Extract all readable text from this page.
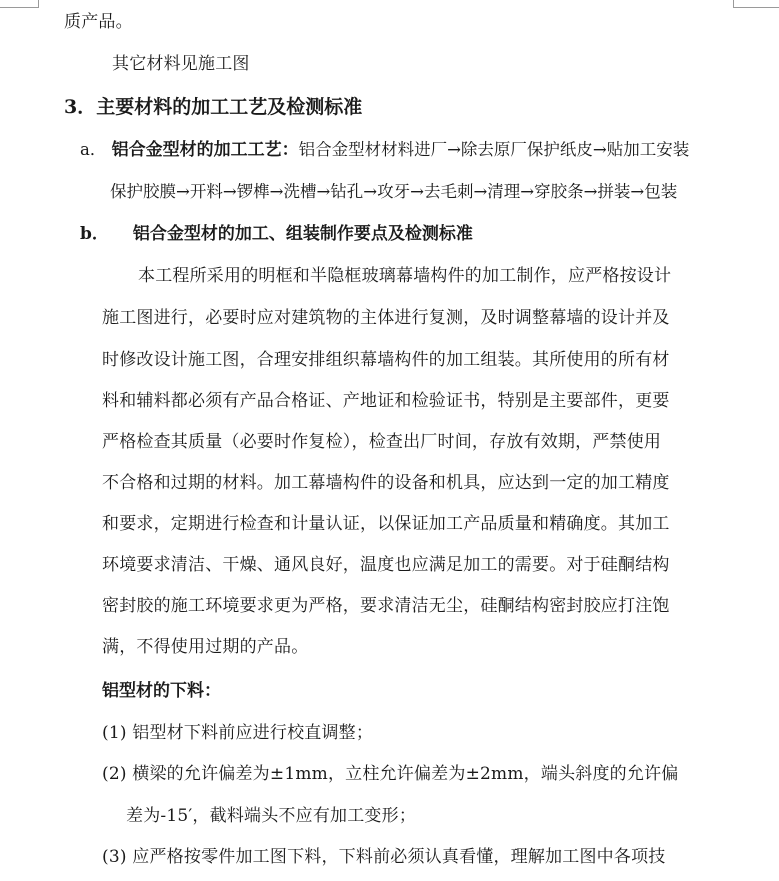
质产品。
其它材料见施工图
3．主要材料的加工工艺及检测标准
a． 铝合金型材的加工工艺：铝合金型材材料进厂→除去原厂保护纸皮→贴加工安装
保护胶膜→开料→锣榫→洗槽→钻孔→攻牙→去毛刺→清理→穿胶条→拼装→包装
b． 铝合金型材的加工、组装制作要点及检测标准
本工程所采用的明框和半隐框玻璃幕墙构件的加工制作，应严格按设计
施工图进行，必要时应对建筑物的主体进行复测，及时调整幕墙的设计并及
时修改设计施工图，合理安排组织幕墙构件的加工组装。其所使用的所有材
料和辅料都必须有产品合格证、产地证和检验证书，特别是主要部件，更要
严格检查其质量（必要时作复检），检查出厂时间，存放有效期，严禁使用
不合格和过期的材料。加工幕墙构件的设备和机具，应达到一定的加工精度
和要求，定期进行检查和计量认证，以保证加工产品质量和精确度。其加工
环境要求清洁、干燥、通风良好，温度也应满足加工的需要。对于硅酮结构
密封胶的施工环境要求更为严格，要求清洁无尘，硅酮结构密封胶应打注饱
满，不得使用过期的产品。
铝型材的下料：
(1) 铝型材下料前应进行校直调整；
(2) 横梁的允许偏差为±1mm，立柱允许偏差为±2mm，端头斜度的允许偏
差为-15′，截料端头不应有加工变形；
(3) 应严格按零件加工图下料，下料前必须认真看懂，理解加工图中各项技
